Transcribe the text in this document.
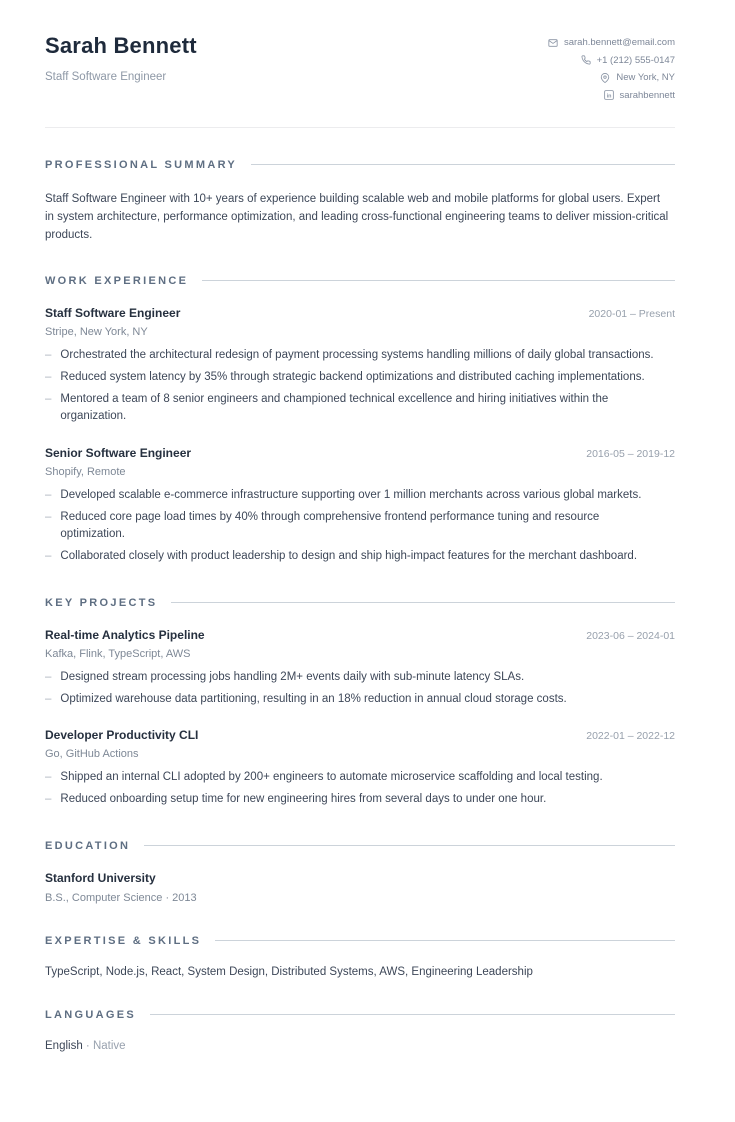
Sarah Bennett
Staff Software Engineer
sarah.bennett@email.com
+1 (212) 555-0147
New York, NY
in sarahbennett
PROFESSIONAL SUMMARY
Staff Software Engineer with 10+ years of experience building scalable web and mobile platforms for global users. Expert in system architecture, performance optimization, and leading cross-functional engineering teams to deliver mission-critical products.
WORK EXPERIENCE
Staff Software Engineer	2020-01 – Present
Stripe, New York, NY
– Orchestrated the architectural redesign of payment processing systems handling millions of daily global transactions.
– Reduced system latency by 35% through strategic backend optimizations and distributed caching implementations.
– Mentored a team of 8 senior engineers and championed technical excellence and hiring initiatives within the organization.
Senior Software Engineer	2016-05 – 2019-12
Shopify, Remote
– Developed scalable e-commerce infrastructure supporting over 1 million merchants across various global markets.
– Reduced core page load times by 40% through comprehensive frontend performance tuning and resource optimization.
– Collaborated closely with product leadership to design and ship high-impact features for the merchant dashboard.
KEY PROJECTS
Real-time Analytics Pipeline	2023-06 – 2024-01
Kafka, Flink, TypeScript, AWS
– Designed stream processing jobs handling 2M+ events daily with sub-minute latency SLAs.
– Optimized warehouse data partitioning, resulting in an 18% reduction in annual cloud storage costs.
Developer Productivity CLI	2022-01 – 2022-12
Go, GitHub Actions
– Shipped an internal CLI adopted by 200+ engineers to automate microservice scaffolding and local testing.
– Reduced onboarding setup time for new engineering hires from several days to under one hour.
EDUCATION
Stanford University
B.S., Computer Science · 2013
EXPERTISE & SKILLS
TypeScript, Node.js, React, System Design, Distributed Systems, AWS, Engineering Leadership
LANGUAGES
English · Native
